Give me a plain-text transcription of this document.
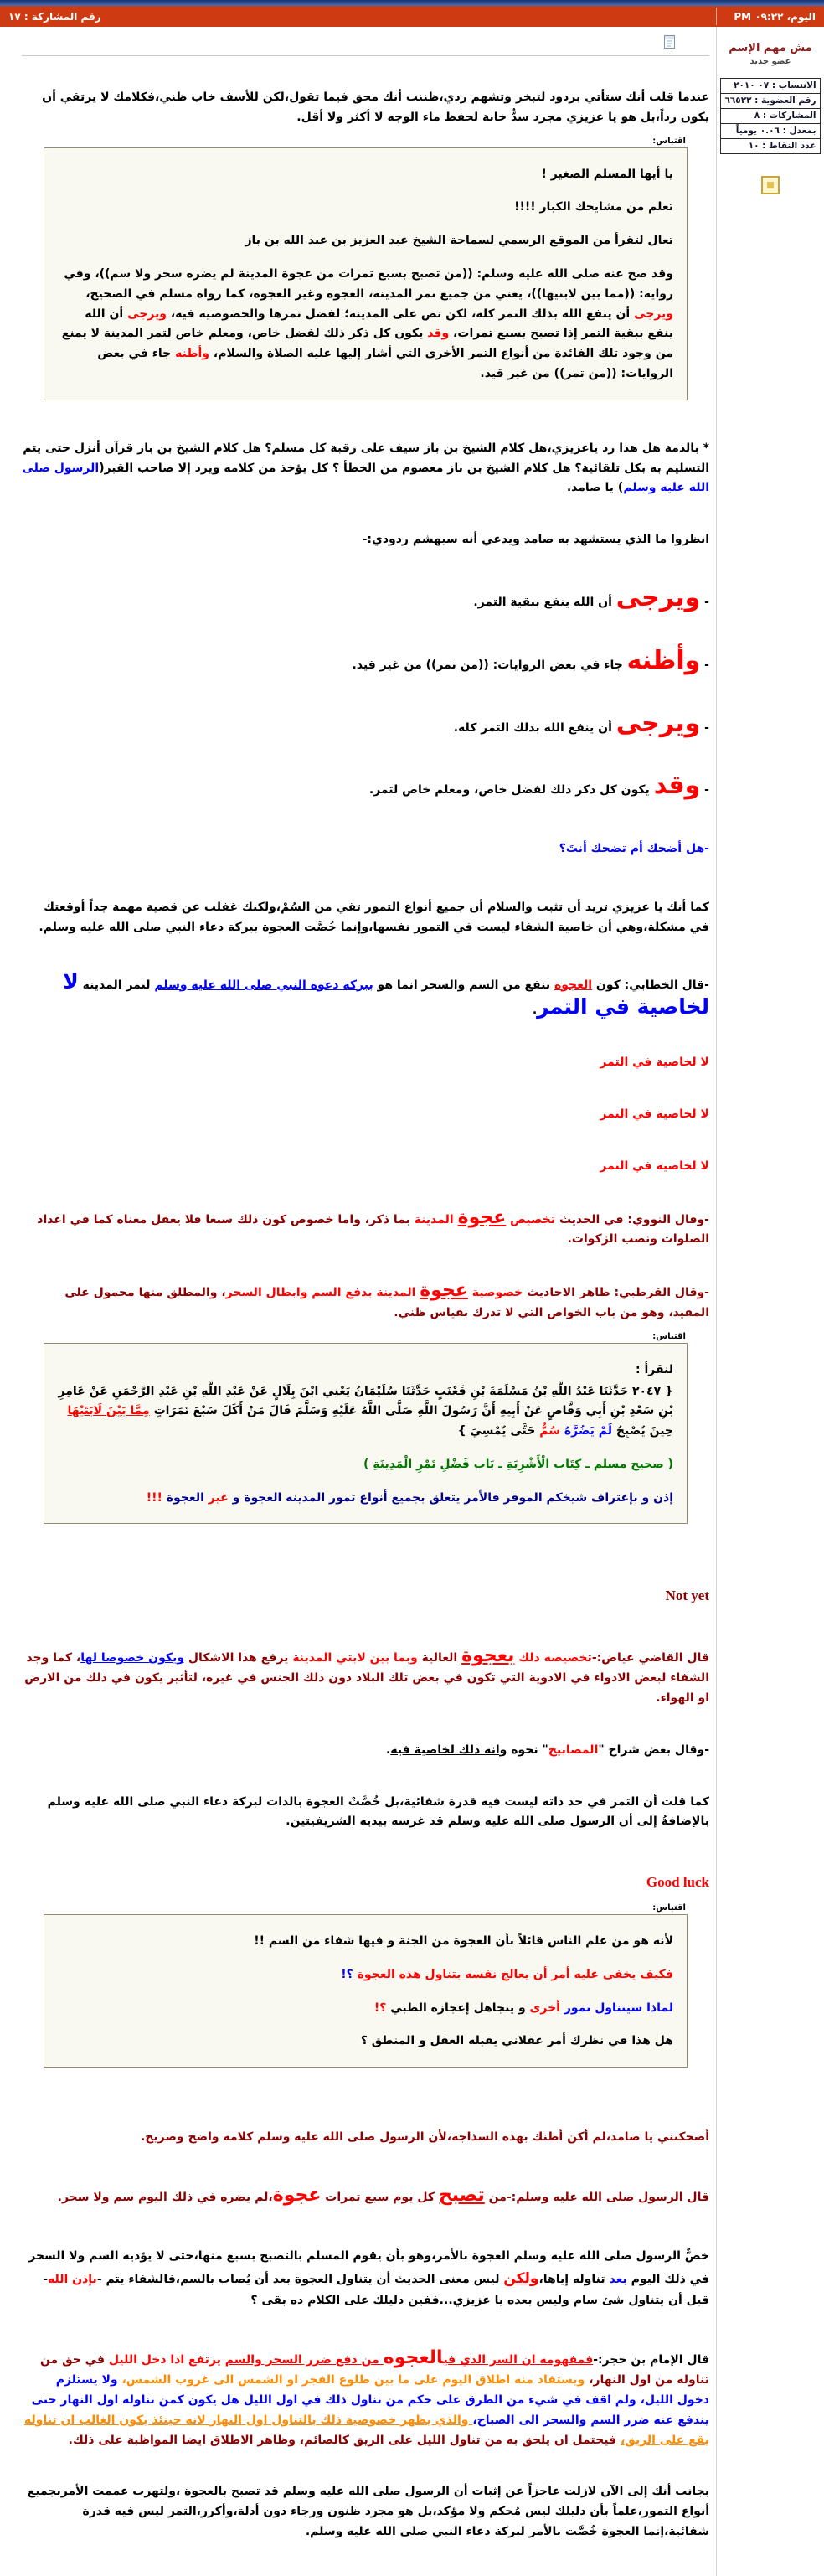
اليوم، ٠٩:٢٢ PM
رقم المشاركة : ١٧
مش مهم الإسم
عضو جديد
الانتساب : ٠٧ ٢٠١٠
رقم العضوية : ٦٦٥٢٢
المشاركات : ٨
بمعدل : ٠.٠٦ يومياً
عدد النقاط : ١٠

عندما قلت أنك ستأتي بردود لتبخر وتشهم ردي،ظننت أنك محق فيما تقول،لكن للأسف خاب ظني،فكلامك لا يرتقي أن يكون رداً،بل هو يا عزيزي مجرد سدٌّ خانة لحفظ ماء الوجه لا أكثر ولا أقل.

اقتباس:

يا أيها المسلم الصغير !

تعلم من مشايخك الكبار !!!!

تعال لتقرأ من الموقع الرسمي لسماحة الشيخ عبد العزيز بن عبد الله بن باز

وقد صح عنه صلى الله عليه وسلم: ((من تصبح بسبع تمرات من عجوة المدينة لم يضره سحر ولا سم))، وفي رواية: ((مما بين لابتيها))، يعني من جميع تمر المدينة، العجوة وغير العجوة، كما رواه مسلم في الصحيح، ويرجى أن ينفع الله بذلك التمر كله، لكن نص على المدينة؛ لفضل تمرها والخصوصية فيه، ويرجى أن الله ينفع ببقية التمر إذا تصبح بسبع تمرات، وقد يكون كل ذكر ذلك لفضل خاص، ومعلم خاص لتمر المدينة لا يمنع من وجود تلك الفائدة من أنواع التمر الأخرى التي أشار إليها عليه الصلاة والسلام، وأظنه جاء في بعض الروايات: ((من تمر)) من غير قيد.

* بالذمة هل هذا رد ياعزيزي،هل كلام الشيخ بن باز سيف على رقبة كل مسلم؟ هل كلام الشيخ بن باز قرآن أنزل حتى يتم التسليم به بكل تلقائية؟ هل كلام الشيخ بن باز معصوم من الخطأ ؟ كل يؤخذ من كلامه ويرد إلا صاحب القبر(الرسول صلى الله عليه وسلم) يا صامد.

انظروا ما الذي يستشهد به صامد ويدعي أنه سيهشم ردودي:-

- ويرجى أن الله ينفع ببقية التمر.

- وأظنه جاء في بعض الروايات: ((من تمر)) من غير قيد.

- ويرجى أن ينفع الله بذلك التمر كله.

- وقد يكون كل ذكر ذلك لفضل خاص، ومعلم خاص لتمر.

-هل أضحك أم تضحك أنتَ؟

كما أنك يا عزيزي تريد أن تثبت والسلام أن جميع أنواع التمور تقي من السُمْ،ولكنك غفلت عن قضية مهمة جداً أوقعتك في مشكلة،وهي أن خاصية الشفاء ليست في التمور نفسها،وإنما خُصَّت العجوة ببركة دعاء النبي صلى الله عليه وسلم.

-قال الخطابي: كون العجوة تنفع من السم والسحر انما هو ببركة دعوة النبي صلى الله عليه وسلم لتمر المدينة لا لخاصية في التمر.

لا لخاصية في التمر

لا لخاصية في التمر

لا لخاصية في التمر

-وقال النووي: في الحديث تخصيص عجوة المدينة بما ذكر، واما خصوص كون ذلك سبعا فلا يعقل معناه كما في اعداد الصلوات ونصب الزكوات.

-وقال القرطبي: ظاهر الاحاديث خصوصية عجوة المدينة بدفع السم وابطال السحر، والمطلق منها محمول على المقيد، وهو من باب الخواص التي لا تدرك بقياس ظني.

اقتباس:

لنقرأ :

{ ٢٠٤٧ حَدَّثَنَا عَبْدُ اللَّهِ بْنُ مَسْلَمَةَ بْنِ قَعْنَبٍ حَدَّثَنَا سُلَيْمَانُ يَعْنِي ابْنَ بِلَالٍ عَنْ عَبْدِ اللَّهِ بْنِ عَبْدِ الرَّحْمَنِ عَنْ عَامِرِ بْنِ سَعْدِ بْنِ أَبِي وَقَّاصٍ عَنْ أَبِيهِ أَنَّ رَسُولَ اللَّهِ صَلَّى اللَّهُ عَلَيْهِ وَسَلَّمَ قَالَ مَنْ أَكَلَ سَبْعَ تَمَرَاتٍ مِمَّا بَيْنَ لَابَتَيْهَا حِينَ يُصْبِحُ لَمْ يَضُرَّهُ سُمٌّ حَتَّى يُمْسِيَ }

( صحيح مسلم ـ كِتَاب الْأَشْرِبَةِ ـ بَاب فَضْلِ تَمْرِ الْمَدِينَةِ )

إذن و بإعتراف شيخكم الموقر فالأمر يتعلق بجميع أنواع تمور المدينه العجوة و غير العجوة !!!

Not yet

قال القاضي عياض:-تخصيصه ذلك بعجوة العالية وبما بين لابتي المدينة يرفع هذا الاشكال ويكون خصوصا لها، كما وجد الشفاء لبعض الادواء في الادوية التي تكون في بعض تلك البلاد دون ذلك الجنس في غيره، لتأثير يكون في ذلك من الارض او الهواء.

-وقال بعض شراح "المصابيح" نحوه وانه ذلك لخاصية فيه.

كما قلت أن التمر في حد ذاته ليست فيه قدرة شفائية،بل خُصَّتْ العجوة بالذات لبركة دعاء النبي صلى الله عليه وسلم بالإضافةُ إلى أن الرسول صلى الله عليه وسلم قد غرسه بيديه الشريفيتين.

Good luck

اقتباس:

لأنه هو من علم الناس قائلاً بأن العجوة من الجنة و فيها شفاء من السم !!

فكيف يخفى عليه أمر أن يعالج نفسه بتناول هذه العجوة ؟!

لماذا سيتناول تمور أخرى و يتجاهل إعجازه الطبي ؟!

هل هذا في نظرك أمر عقلاني يقبله العقل و المنطق ؟

أضحكتني يا صامد،لم أكن أظنك بهذه السذاجة،لأن الرسول صلى الله عليه وسلم كلامه واضح وصريح.

قال الرسول صلى الله عليه وسلم:-من تصبح كل يوم سبع تمرات عجوة،لم يضره في ذلك اليوم سم ولا سحر.

خصٌّ الرسول صلى الله عليه وسلم العجوة بالأمر،وهو بأن يقوم المسلم بالتصبح بسبع منها،حتى لا يؤذيه السم ولا السحر في ذلك اليوم بعد تناوله إياها،ولكن ليس معنى الحديث أن يتناول العجوة بعد أن يُصاب بالسم،فالشفاء يتم -بإذن الله- قبل أن يتناول شئ سام وليس بعده يا عزيزي...ففين دليلك على الكلام ده بقى ؟

قال الإمام بن حجر:-فمفهومه ان السر الذي فيالعجوه من دفع ضرر السحر والسم يرتفع اذا دخل الليل في حق من تناوله من اول النهار، ويستفاد منه اطلاق اليوم على ما بين طلوع الفجر او الشمس الى غروب الشمس، ولا يستلزم دخول الليل، ولم اقف في شيء من الطرق على حكم من تناول ذلك في اول الليل هل يكون كمن تناوله اول النهار حتى يندفع عنه ضرر السم والسحر الى الصباح، والذي يظهر خصوصية ذلك بالتناول اول النهار لانه حينئذ يكون الغالب ان تناوله يقع على الريق، فيحتمل ان يلحق به من تناول الليل على الريق كالصائم، وظاهر الاطلاق ايضا المواظبة على ذلك.

بجانب أنك إلى الآن لازلت عاجزاً عن إثبات أن الرسول صلى الله عليه وسلم قد تصبح بالعجوة ،ولتهرب عممت الأمربجميع أنواع التمور،علماً بأن دليلك ليس مُحكم ولا مؤكد،بل هو مجرد ظنون ورجاء دون أدلة،وأكرر،التمر ليس فيه قدرة شفائية،إنما العجوة خُصَّت بالأمر لبركة دعاء النبي صلى الله عليه وسلم.
